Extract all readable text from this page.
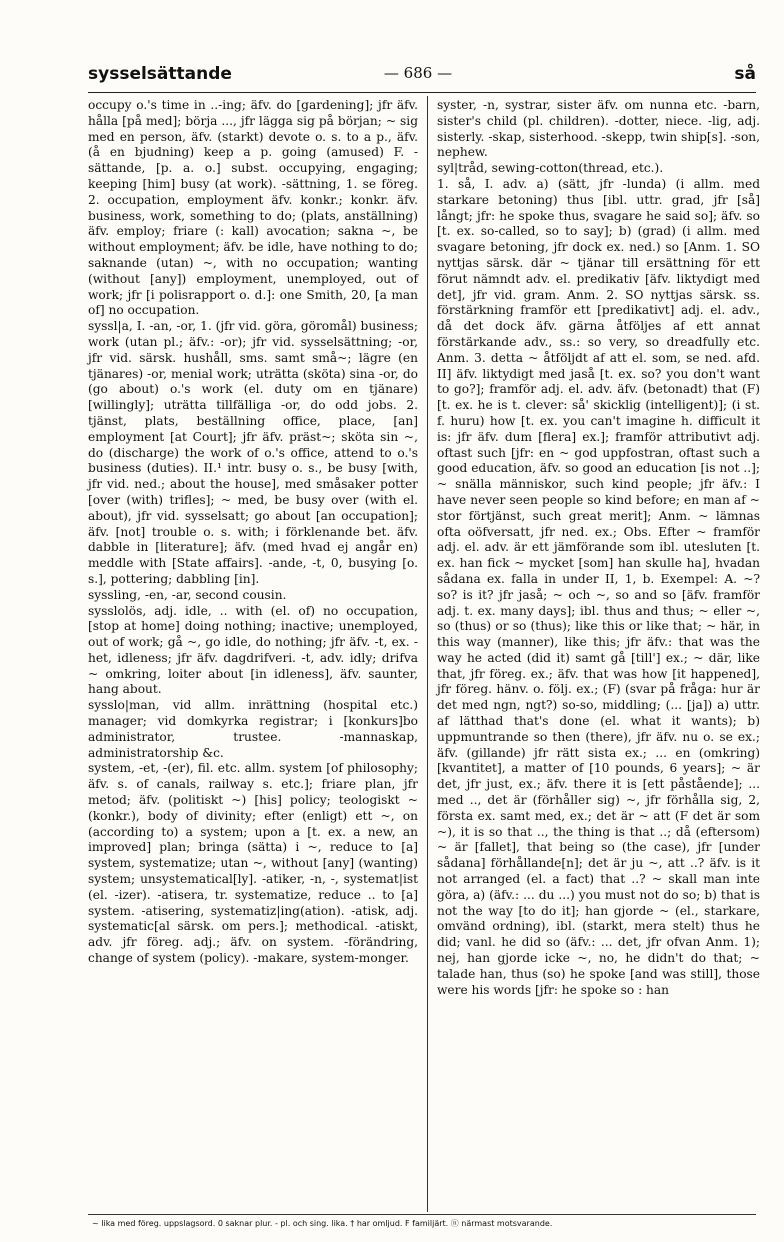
sysselsättande	— 686 —	så

occupy o.'s time in ..-ing; äfv. do [gardening]; jfr äfv. hålla [på med]; börja ..., jfr lägga sig på början; ~ sig med en person, äfv. (starkt) devote o. s. to a p., äfv. (å en bjudning) keep a p. going (amused) F. -sättande, [p. a. o.] subst. occupying, engaging; keeping [him] busy (at work). -sättning, 1. se föreg. 2. occupation, employment äfv. konkr.; konkr. äfv. business, work, something to do; (plats, anställning) äfv. employ; friare (: kall) avocation; sakna ~, be without employment; äfv. be idle, have nothing to do; saknande (utan) ~, with no occupation; wanting (without [any]) employment, unemployed, out of work; jfr [i polisrapport o. d.]: one Smith, 20, [a man of] no occupation.

syssl|a, I. -an, -or, 1. (jfr vid. göra, göromål) business; work (utan pl.; äfv.: -or); jfr vid. sysselsättning; -or, jfr vid. särsk. hushåll, sms. samt små~; lägre (en tjänares) -or, menial work; uträtta (sköta) sina -or, do (go about) o.'s work (el. duty om en tjänare) [willingly]; uträtta tillfälliga -or, do odd jobs. 2. tjänst, plats, beställning office, place, [an] employment [at Court]; jfr äfv. präst~; sköta sin ~, do (discharge) the work of o.'s office, attend to o.'s business (duties). II.¹ intr. busy o. s., be busy [with, jfr vid. ned.; about the house], med småsaker potter [over (with) trifles]; ~ med, be busy over (with el. about), jfr vid. sysselsatt; go about [an occupation]; äfv. [not] trouble o. s. with; i förklenande bet. äfv. dabble in [literature]; äfv. (med hvad ej angår en) meddle with [State affairs]. -ande, -t, 0, busying [o. s.], pottering; dabbling [in].

syssling, -en, -ar, second cousin.

sysslolös, adj. idle, .. with (el. of) no occupation, [stop at home] doing nothing; inactive; unemployed, out of work; gå ~, go idle, do nothing; jfr äfv. -t, ex. -het, idleness; jfr äfv. dagdrifveri. -t, adv. idly; drifva ~ omkring, loiter about [in idleness], äfv. saunter, hang about.

sysslo|man, vid allm. inrättning (hospital etc.) manager; vid domkyrka registrar; i [konkurs]bo administrator, trustee. -mannaskap, administratorship &c.

system, -et, -(er), fil. etc. allm. system [of philosophy; äfv. s. of canals, railway s. etc.]; friare plan, jfr metod; äfv. (politiskt ~) [his] policy; teologiskt ~ (konkr.), body of divinity; efter (enligt) ett ~, on (according to) a system; upon a [t. ex. a new, an improved] plan; bringa (sätta) i ~, reduce to [a] system, systematize; utan ~, without [any] (wanting) system; unsystematical[ly]. -atiker, -n, -, systemat|ist (el. -izer). -atisera, tr. systematize, reduce .. to [a] system. -atisering, systematiz|ing(ation). -atisk, adj. systematic[al särsk. om pers.]; methodical. -atiskt, adv. jfr föreg. adj.; äfv. on system. -förändring, change of system (policy). -makare, system-monger.

syster, -n, systrar, sister äfv. om nunna etc. -barn, sister's child (pl. children). -dotter, niece. -lig, adj. sisterly. -skap, sisterhood. -skepp, twin ship[s]. -son, nephew.

syl|tråd, sewing-cotton(thread, etc.).

1. så, I. adv. a) (sätt, jfr -lunda) (i allm. med starkare betoning) thus [ibl. uttr. grad, jfr [så] långt; jfr: he spoke thus, svagare he said so]; äfv. so [t. ex. so-called, so to say]; b) (grad) (i allm. med svagare betoning, jfr dock ex. ned.) so [Anm. 1. SO nyttjas särsk. där ~ tjänar till ersättning för ett förut nämndt adv. el. predikativ [äfv. liktydigt med det], jfr vid. gram. Anm. 2. SO nyttjas särsk. ss. förstärkning framför ett [predikativt] adj. el. adv., då det dock äfv. gärna åtföljes af ett annat förstärkande adv., ss.: so very, so dreadfully etc. Anm. 3. detta ~ åtföljdt af att el. som, se ned. afd. II] äfv. liktydigt med jaså [t. ex. so? you don't want to go?]; framför adj. el. adv. äfv. (betonadt) that (F) [t. ex. he is t. clever: så' skicklig (intelligent)]; (i st. f. huru) how [t. ex. you can't imagine h. difficult it is: jfr äfv. dum [flera] ex.]; framför attributivt adj. oftast such [jfr: en ~ god uppfostran, oftast such a good education, äfv. so good an education [is not ..]; ~ snälla människor, such kind people; jfr äfv.: I have never seen people so kind before; en man af ~ stor förtjänst, such great merit]; Anm. ~ lämnas ofta oöfversatt, jfr ned. ex.; Obs. Efter ~ framför adj. el. adv. är ett jämförande som ibl. utesluten [t. ex. han fick ~ mycket [som] han skulle ha], hvadan sådana ex. falla in under II, 1, b. Exempel: A. ~? so? is it? jfr jaså; ~ och ~, so and so [äfv. framför adj. t. ex. many days]; ibl. thus and thus; ~ eller ~, so (thus) or so (thus); like this or like that; ~ här, in this way (manner), like this; jfr äfv.: that was the way he acted (did it) samt gå [till'] ex.; ~ där, like that, jfr föreg. ex.; äfv. that was how [it happened], jfr föreg. hänv. o. följ. ex.; (F) (svar på fråga: hur är det med ngn, ngt?) so-so, middling; (... [ja]) a) uttr. af lätthad that's done (el. what it wants); b) uppmuntrande so then (there), jfr äfv. nu o. se ex.; äfv. (gillande) jfr rätt sista ex.; ... en (omkring) [kvantitet], a matter of [10 pounds, 6 years]; ~ är det, jfr just, ex.; äfv. there it is [ett påstående]; ... med .., det är (förhåller sig) ~, jfr förhålla sig, 2, första ex. samt med, ex.; det är ~ att (F det är som ~), it is so that .., the thing is that ..; då (eftersom) ~ är [fallet], that being so (the case), jfr [under sådana] förhållande[n]; det är ju ~, att ..? äfv. is it not arranged (el. a fact) that ..? ~ skall man inte göra, a) (äfv.: ... du ...) you must not do so; b) that is not the way [to do it]; han gjorde ~ (el., starkare, omvänd ordning), ibl. (starkt, mera stelt) thus he did; vanl. he did so (äfv.: ... det, jfr ofvan Anm. 1); nej, han gjorde icke ~, no, he didn't do that; ~ talade han, thus (so) he spoke [and was still], those were his words [jfr: he spoke so : han

~ lika med föreg. uppslagsord. 0 saknar plur. - pl. och sing. lika. † har omljud. F familjärt. ⓝ närmast motsvarande.
